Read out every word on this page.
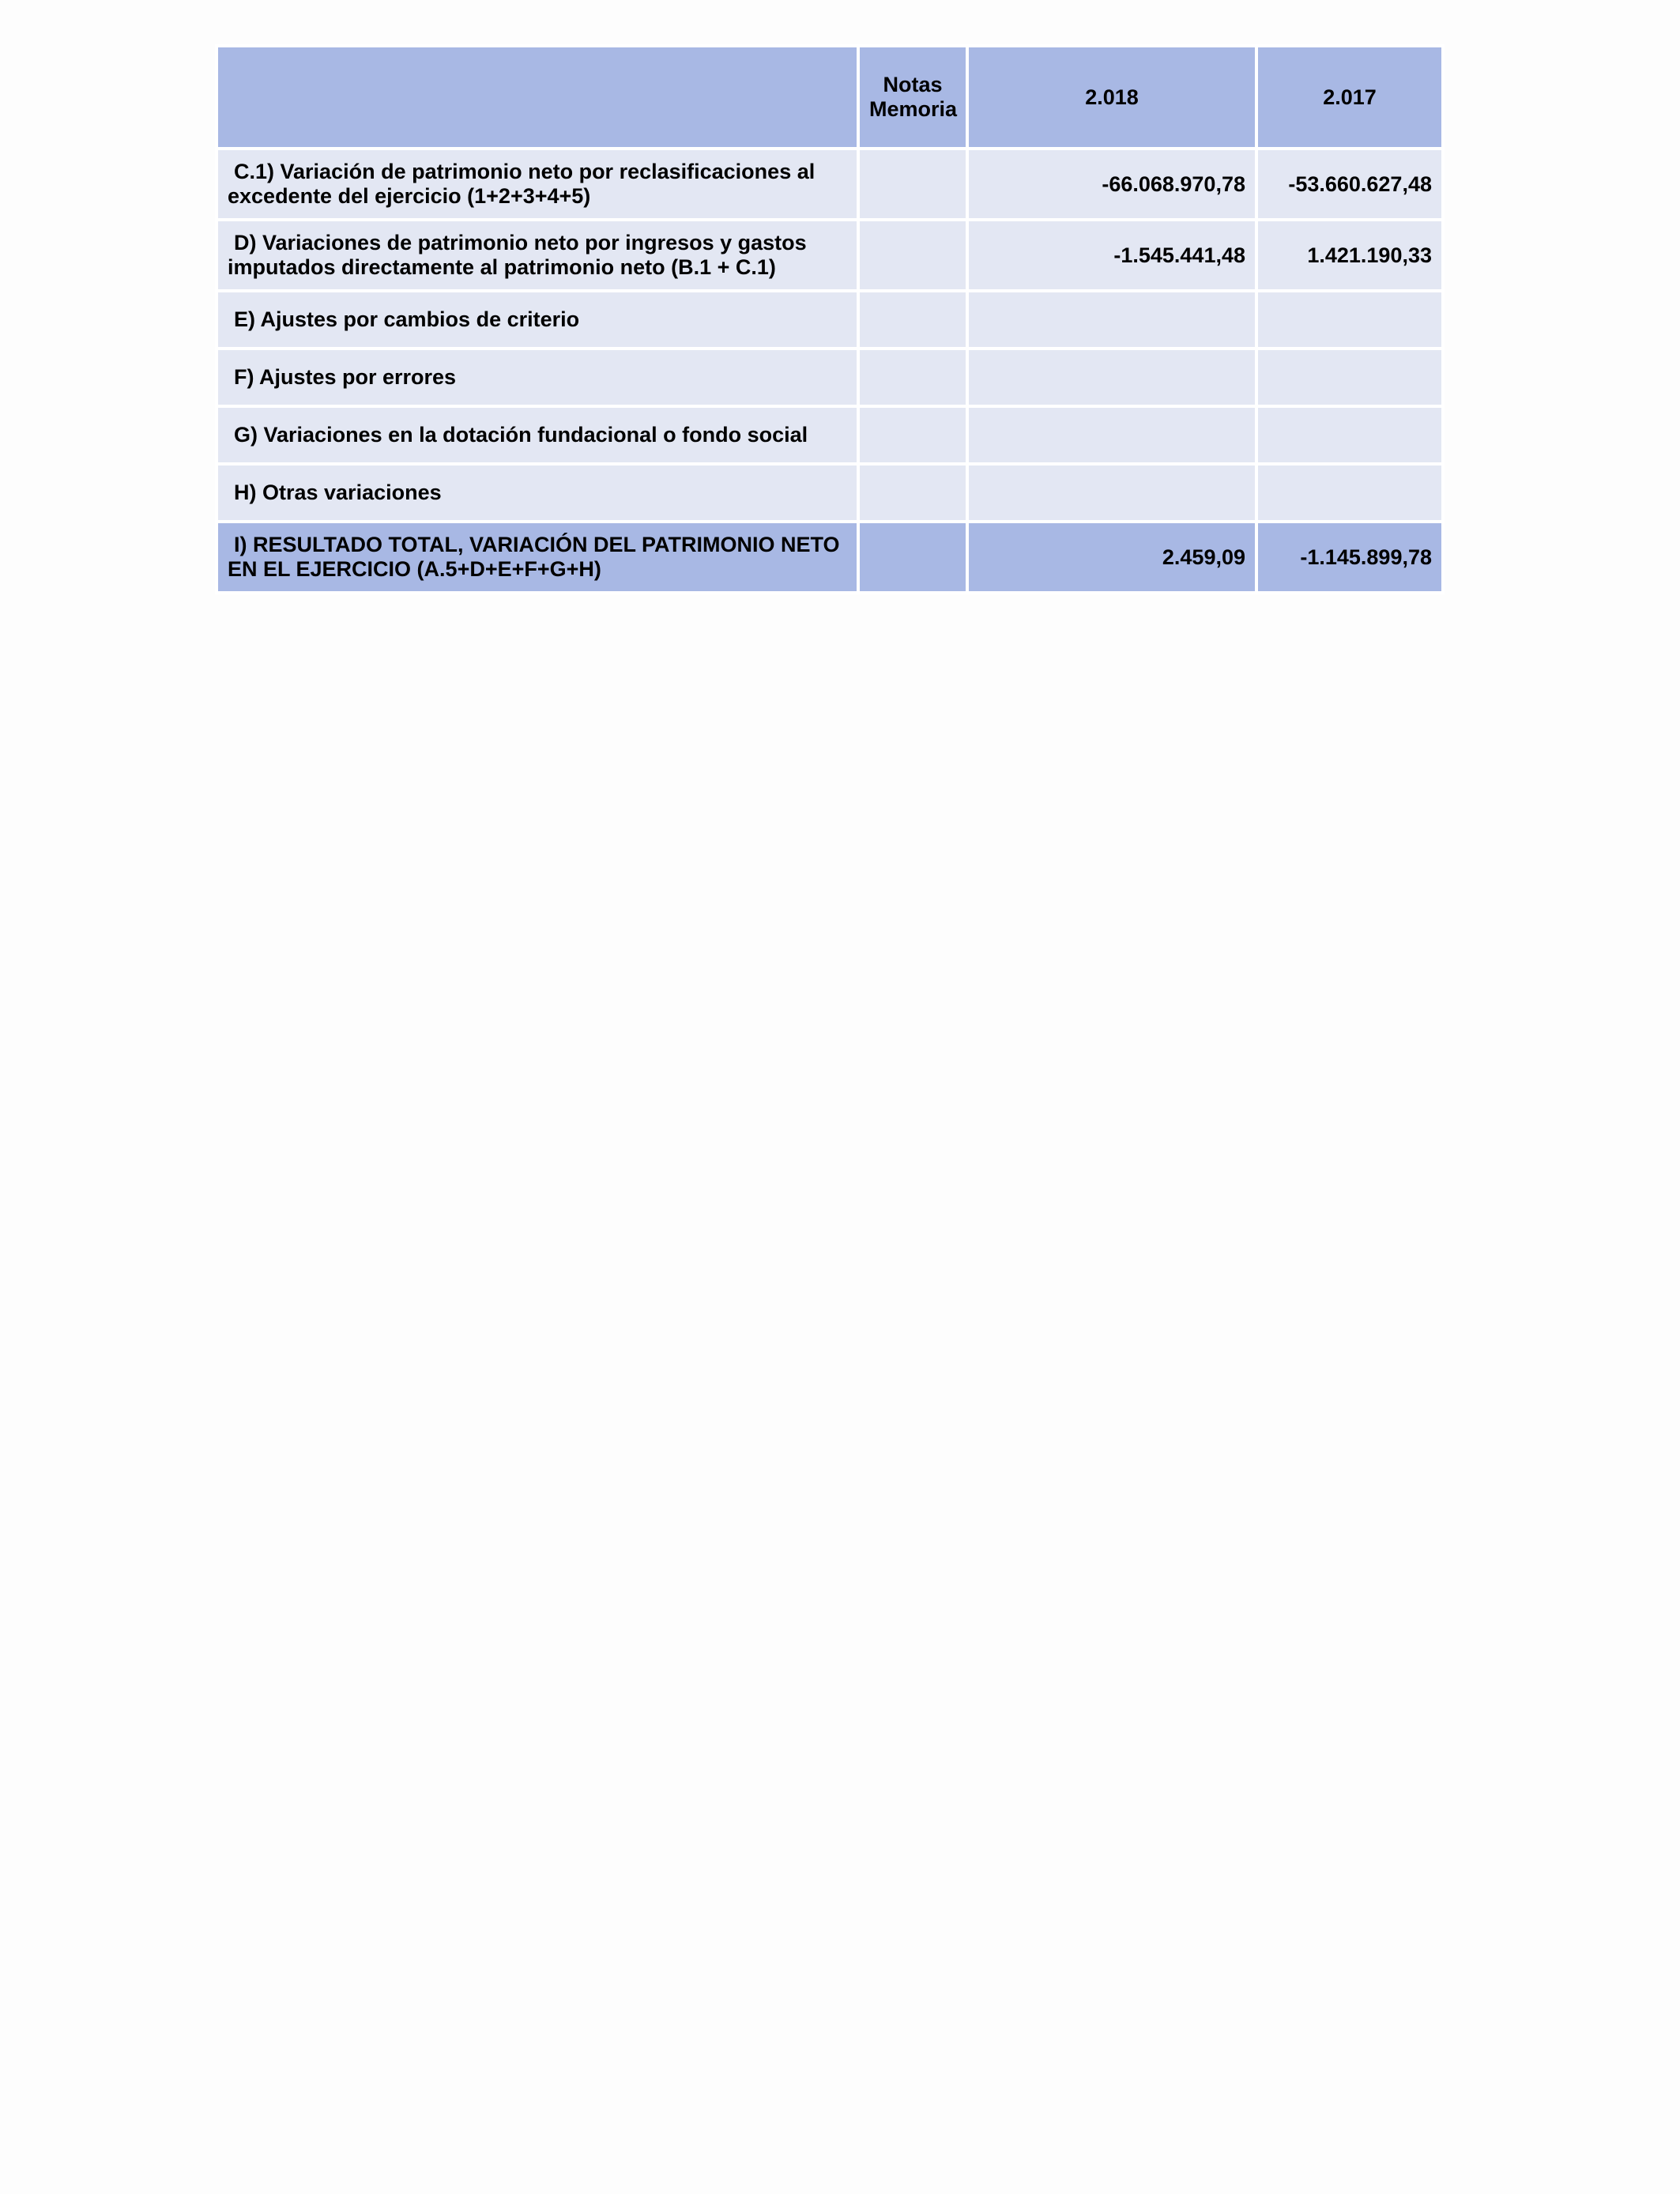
	Notas
Memoria	2.018	2.017

C.1) Variación de patrimonio neto por reclasificaciones al
excedente del ejercicio (1+2+3+4+5)		-66.068.970,78	-53.660.627,48

D) Variaciones de patrimonio neto por ingresos y gastos
imputados directamente al patrimonio neto (B.1 + C.1)		-1.545.441,48	1.421.190,33

E) Ajustes por cambios de criterio			

F) Ajustes por errores			

G) Variaciones en la dotación fundacional o fondo social			

H) Otras variaciones			

I) RESULTADO TOTAL, VARIACIÓN DEL PATRIMONIO NETO
EN EL EJERCICIO (A.5+D+E+F+G+H)		2.459,09	-1.145.899,78
